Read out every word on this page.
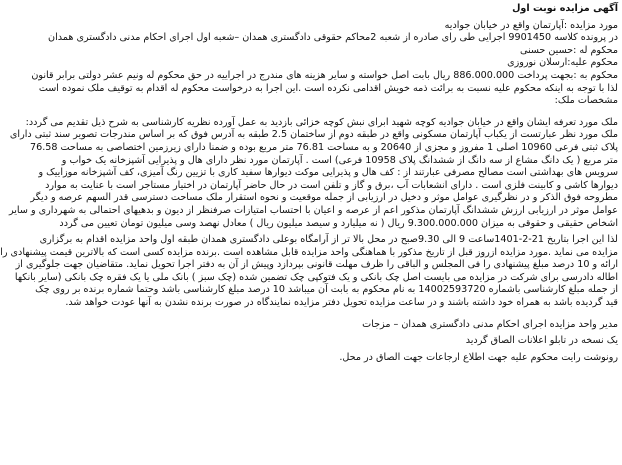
آگهی مزایده نوبت اول
مورد مزایده :آپارتمان واقع در خیابان جوادیه
در پرونده کلاسه 9901450 اجرایی طی رای صادره از شعبه 2محاکم حقوقی دادگستری همدان –شعبه اول اجرای احکام مدنی دادگستری همدان
محکوم له :حسین حسنی
محکوم علیه:ارسلان نوروزی
محکوم به :بجهت پرداخت 886.000.000 ریال بابت اصل خواسته و سایر هزینه های مندرج در اجراییه در حق محکوم له ونیم عشر دولتی برابر قانون
لذا با توجه به اینکه محکوم علیه نسبت به برائت ذمه خویش اقدامی نکرده است .این اجرا به درخواست محکوم له اقدام به توقیف ملک نموده است
مشخصات ملک:
ملک مورد تعرفه ایشان واقع در خیابان جوادیه کوچه شهید ابرای نبش کوچه خزائی بازدید به عمل آورده نظریه کارشناسی به شرح ذیل تقدیم می گردد:
ملک مورد نظر عبارتست از یکباب آپارتمان مسکونی واقع در طبقه دوم از ساختمان 2.5 طبقه به آدرس فوق که بر اساس مندرجات تصویر سند ثبتی دارای
پلاک ثبتی فرعی 10960 اصلی 1 مفروز و مجزی از 20640 و به مساحت 76.81 متر مربع بوده و ضمنا دارای زیرزمین اختصاصی به مساحت 76.58
متر مربع ( یک دانگ مشاع از سه دانگ از ششدانگ پلاک 10958 فرعی) است . آپارتمان مورد نظر دارای هال و پذیرایی آشپزخانه یک خواب و
سرویس های بهداشتی است مصالح مصرفی عبارتند از : کف هال و پذیرایی موکت دیوارها سفید کاری با تزیین رنگ آمیزی، کف آشپزخانه موزاییک و
دیوارها کاشی و کابینت فلزی است . دارای انشعابات آب ،برق و گاز و تلفن است در حال حاضر آپارتمان در اختیار مستاجر است با عنایت به موارد
مطروحه فوق الذکر و در نظرگیری عوامل موثر و دخیل در ارزیابی از جمله موقعیت و نحوه استقرار ملک مساحت دسترسی قدر السهم عرصه و دیگر
عوامل موثر در ارزیابی ارزش ششدانگ آپارتمان مذکور اعم از عرصه و اعیان با احتساب امتیازات صرفنظر از دیون و بدهیهای احتمالی به شهرداری و سایر
اشخاص حقیقی و حقوقی به میزان 9.300.000.000 ریال ( نه میلیارد و سیصد میلیون ریال ) معادل نهصد وسی میلیون تومان تعیین می گردد
لذا این اجرا بتاریخ 21-2-1401ساعت 9 الی 9.30صبح در محل بالا تر از آرامگاه بوعلی دادگستری همدان طبقه اول واحد مزایده اقدام به برگزاری
مزایده می نماید .مورد مزایده ازروز قبل از تاریخ مذکور با هماهنگی واحد مزایده قابل مشاهده است .برنده مزایده کسی است که بالاترین قیمت پیشنهادی را
ارائه و 10 درصد مبلغ پیشنهادی را فی المجلس و الباقی را ظرف مهلت قانونی بپردازد وپیش از آن به دفتر اجرا تحویل نماید. متقاضیان جهت جلوگیری از
اطاله دادرسی برای شرکت در مزایده می بایست اصل چک بانکی و یک فتوکپی چک تضمین شده (چک سبز ) بانک ملی یا یک فقره چک بانکی (سایر بانکها
از جمله مبلغ کارشناسی باشماره 14002593720 به نام محکوم به بابت آن میباشد 10 درصد مبلغ کارشناسی باشد وحتما شماره برنده بر روی چک
قید گردیده باشد به همراه خود داشته باشند و در ساعت مزایده تحویل دفتر مزایده نمایندگاه در صورت برنده نشدن به آنها عودت خواهد شد.
مدیر واحد مزایده اجرای احکام مدنی دادگستری همدان – مزجات
یک نسخه در تابلو اعلانات الصاق گردید
رونوشت رایت محکوم علیه جهت اطلاع ارجاعات جهت الصاق در محل.
